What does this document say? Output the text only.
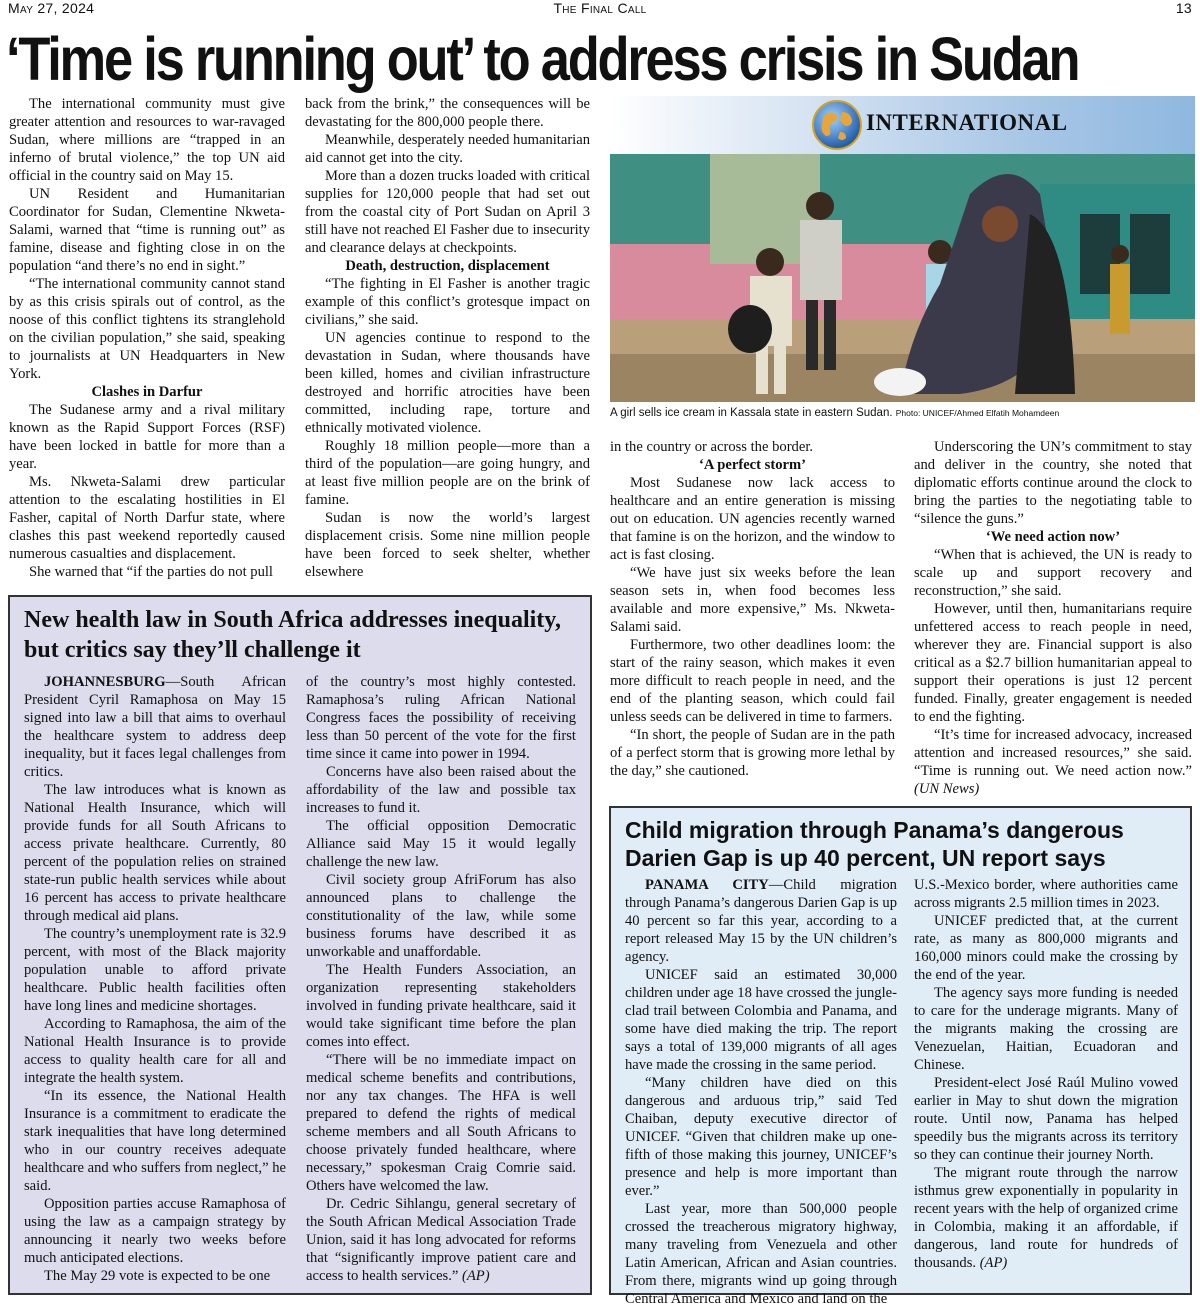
May 27, 2024	The Final Call	13
‘Time is running out’ to address crisis in Sudan

The international community must give greater attention and resources to war-ravaged Sudan, where millions are “trapped in an inferno of brutal violence,” the top UN aid official in the country said on May 15.

UN Resident and Humanitarian Coordinator for Sudan, Clementine Nkweta-Salami, warned that “time is running out” as famine, disease and fighting close in on the population “and there’s no end in sight.”

“The international community cannot stand by as this crisis spirals out of control, as the noose of this conflict tightens its stranglehold on the civilian population,” she said, speaking to journalists at UN Headquarters in New York.

Clashes in Darfur

The Sudanese army and a rival military known as the Rapid Support Forces (RSF) have been locked in battle for more than a year.

Ms. Nkweta-Salami drew particular attention to the escalating hostilities in El Fasher, capital of North Darfur state, where clashes this past weekend reportedly caused numerous casualties and displacement.

She warned that “if the parties do not pull

back from the brink,” the consequences will be devastating for the 800,000 people there.

Meanwhile, desperately needed humanitarian aid cannot get into the city.

More than a dozen trucks loaded with critical supplies for 120,000 people that had set out from the coastal city of Port Sudan on April 3 still have not reached El Fasher due to insecurity and clearance delays at checkpoints.

Death, destruction, displacement

“The fighting in El Fasher is another tragic example of this conflict’s grotesque impact on civilians,” she said.

UN agencies continue to respond to the devastation in Sudan, where thousands have been killed, homes and civilian infrastructure destroyed and horrific atrocities have been committed, including rape, torture and ethnically motivated violence.

Roughly 18 million people—more than a third of the population—are going hungry, and at least five million people are on the brink of famine.

Sudan is now the world’s largest displacement crisis. Some nine million people have been forced to seek shelter, whether elsewhere

INTERNATIONAL
A girl sells ice cream in Kassala state in eastern Sudan. Photo: UNICEF/Ahmed Elfatih Mohamdeen

in the country or across the border.

‘A perfect storm’

Most Sudanese now lack access to healthcare and an entire generation is missing out on education. UN agencies recently warned that famine is on the horizon, and the window to act is fast closing.

“We have just six weeks before the lean season sets in, when food becomes less available and more expensive,” Ms. Nkweta-Salami said.

Furthermore, two other deadlines loom: the start of the rainy season, which makes it even more difficult to reach people in need, and the end of the planting season, which could fail unless seeds can be delivered in time to farmers.

“In short, the people of Sudan are in the path of a perfect storm that is growing more lethal by the day,” she cautioned.

Underscoring the UN’s commitment to stay and deliver in the country, she noted that diplomatic efforts continue around the clock to bring the parties to the negotiating table to “silence the guns.”

‘We need action now’

“When that is achieved, the UN is ready to scale up and support recovery and reconstruction,” she said.

However, until then, humanitarians require unfettered access to reach people in need, wherever they are. Financial support is also critical as a $2.7 billion humanitarian appeal to support their operations is just 12 percent funded. Finally, greater engagement is needed to end the fighting.

“It’s time for increased advocacy, increased attention and increased resources,” she said. “Time is running out. We need action now.” (UN News)

New health law in South Africa addresses inequality, but critics say they’ll challenge it

JOHANNESBURG—South African President Cyril Ramaphosa on May 15 signed into law a bill that aims to overhaul the healthcare system to address deep inequality, but it faces legal challenges from critics.

The law introduces what is known as National Health Insurance, which will provide funds for all South Africans to access private healthcare. Currently, 80 percent of the population relies on strained state-run public health services while about 16 percent has access to private healthcare through medical aid plans.

The country’s unemployment rate is 32.9 percent, with most of the Black majority population unable to afford private healthcare. Public health facilities often have long lines and medicine shortages.

According to Ramaphosa, the aim of the National Health Insurance is to provide access to quality health care for all and integrate the health system.

“In its essence, the National Health Insurance is a commitment to eradicate the stark inequalities that have long determined who in our country receives adequate healthcare and who suffers from neglect,” he said.

Opposition parties accuse Ramaphosa of using the law as a campaign strategy by announcing it nearly two weeks before much anticipated elections.

The May 29 vote is expected to be one

of the country’s most highly contested. Ramaphosa’s ruling African National Congress faces the possibility of receiving less than 50 percent of the vote for the first time since it came into power in 1994.

Concerns have also been raised about the affordability of the law and possible tax increases to fund it.

The official opposition Democratic Alliance said May 15 it would legally challenge the new law.

Civil society group AfriForum has also announced plans to challenge the constitutionality of the law, while some business forums have described it as unworkable and unaffordable.

The Health Funders Association, an organization representing stakeholders involved in funding private healthcare, said it would take significant time before the plan comes into effect.

“There will be no immediate impact on medical scheme benefits and contributions, nor any tax changes. The HFA is well prepared to defend the rights of medical scheme members and all South Africans to choose privately funded healthcare, where necessary,” spokesman Craig Comrie said. Others have welcomed the law.

Dr. Cedric Sihlangu, general secretary of the South African Medical Association Trade Union, said it has long advocated for reforms that “significantly improve patient care and access to health services.” (AP)

Child migration through Panama’s dangerous Darien Gap is up 40 percent, UN report says

PANAMA CITY—Child migration through Panama’s dangerous Darien Gap is up 40 percent so far this year, according to a report released May 15 by the UN children’s agency.

UNICEF said an estimated 30,000 children under age 18 have crossed the jungle-clad trail between Colombia and Panama, and some have died making the trip. The report says a total of 139,000 migrants of all ages have made the crossing in the same period.

“Many children have died on this dangerous and arduous trip,” said Ted Chaiban, deputy executive director of UNICEF. “Given that children make up one-fifth of those making this journey, UNICEF’s presence and help is more important than ever.”

Last year, more than 500,000 people crossed the treacherous migratory highway, many traveling from Venezuela and other Latin American, African and Asian countries. From there, migrants wind up going through Central America and Mexico and land on the

U.S.-Mexico border, where authorities came across migrants 2.5 million times in 2023.

UNICEF predicted that, at the current rate, as many as 800,000 migrants and 160,000 minors could make the crossing by the end of the year.

The agency says more funding is needed to care for the underage migrants. Many of the migrants making the crossing are Venezuelan, Haitian, Ecuadoran and Chinese.

President-elect José Raúl Mulino vowed earlier in May to shut down the migration route. Until now, Panama has helped speedily bus the migrants across its territory so they can continue their journey North.

The migrant route through the narrow isthmus grew exponentially in popularity in recent years with the help of organized crime in Colombia, making it an affordable, if dangerous, land route for hundreds of thousands. (AP)
